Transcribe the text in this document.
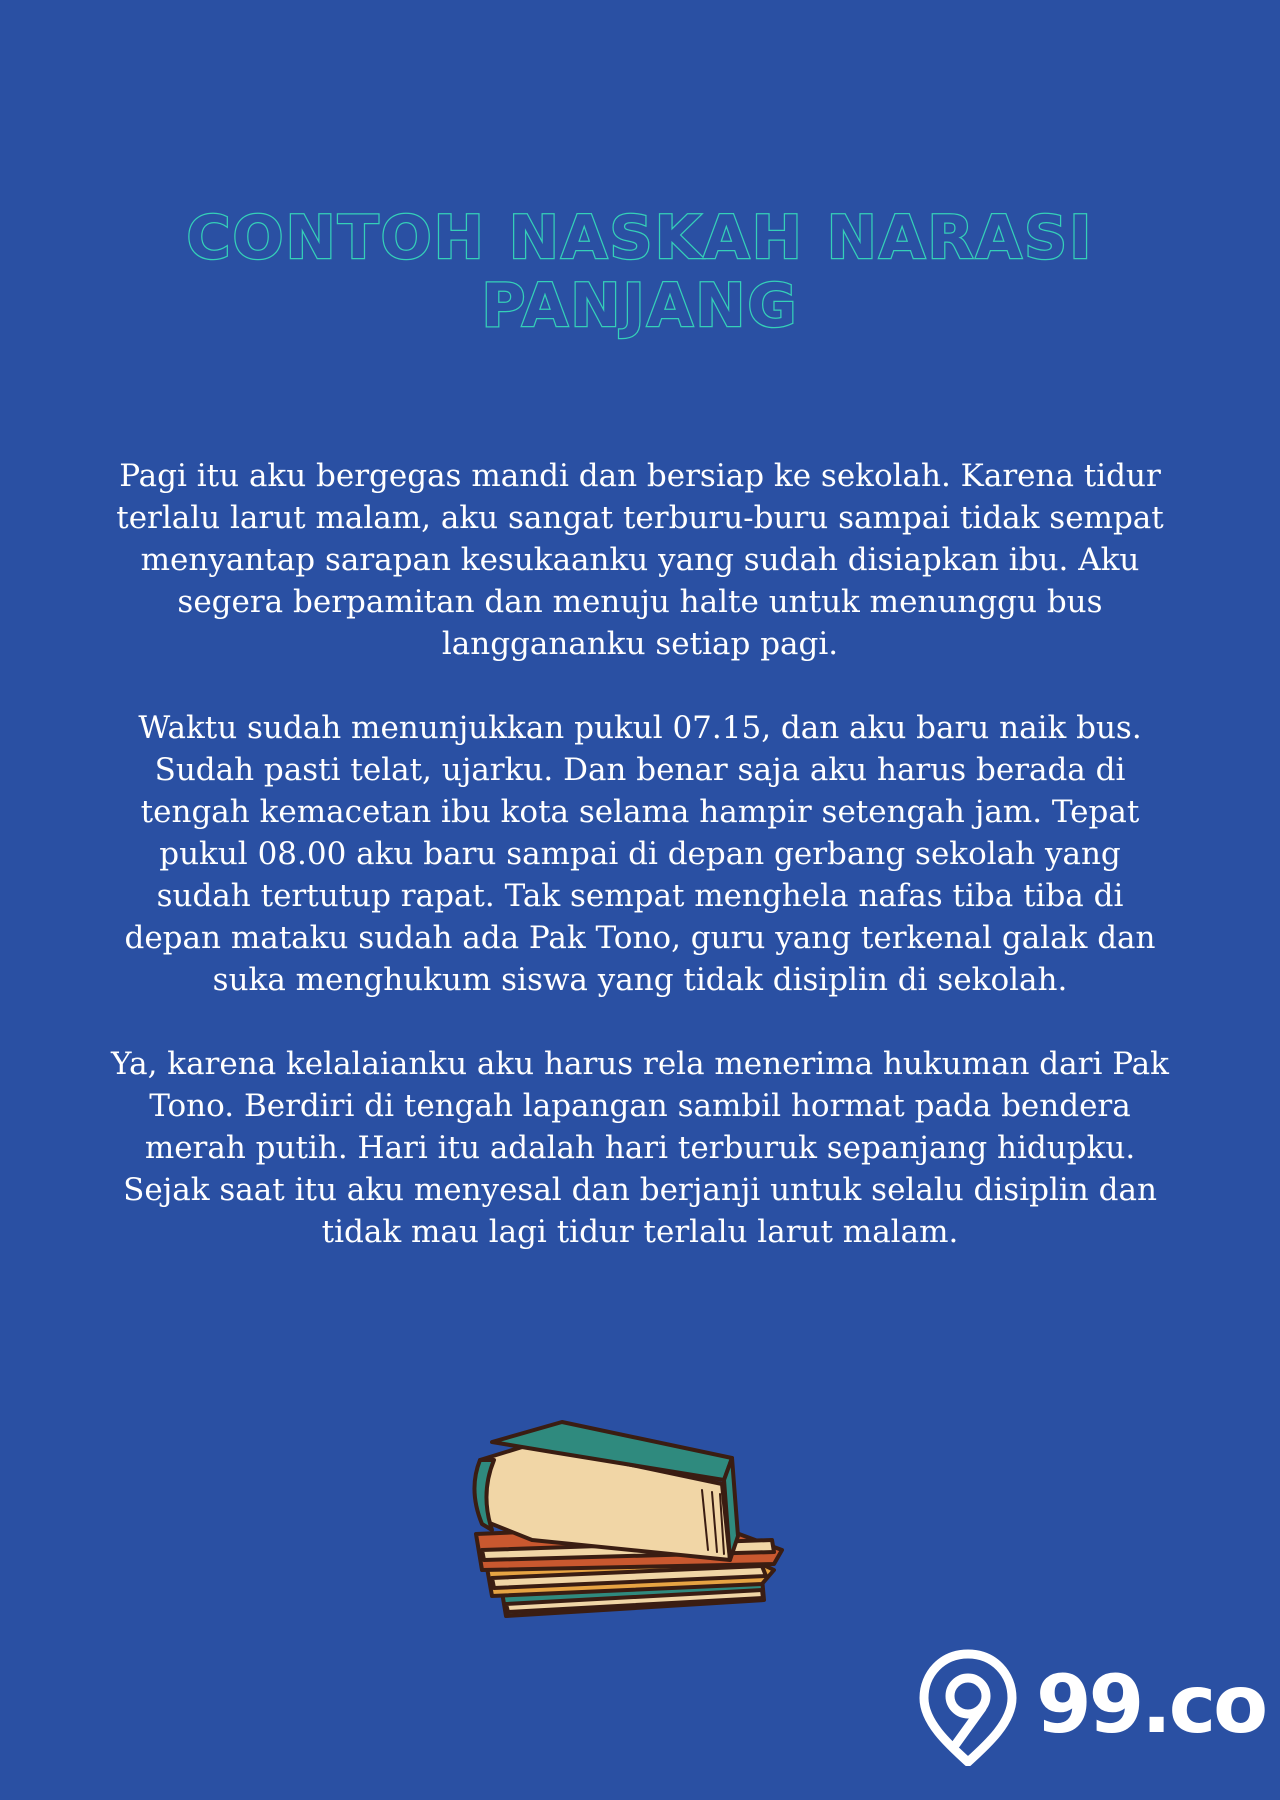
CONTOH NASKAH NARASI
PANJANG

Pagi itu aku bergegas mandi dan bersiap ke sekolah. Karena tidur terlalu larut malam, aku sangat terburu-buru sampai tidak sempat menyantap sarapan kesukaanku yang sudah disiapkan ibu. Aku segera berpamitan dan menuju halte untuk menunggu bus langgananku setiap pagi.

Waktu sudah menunjukkan pukul 07.15, dan aku baru naik bus. Sudah pasti telat, ujarku. Dan benar saja aku harus berada di tengah kemacetan ibu kota selama hampir setengah jam. Tepat pukul 08.00 aku baru sampai di depan gerbang sekolah yang sudah tertutup rapat. Tak sempat menghela nafas tiba tiba di depan mataku sudah ada Pak Tono, guru yang terkenal galak dan suka menghukum siswa yang tidak disiplin di sekolah.

Ya, karena kelalaianku aku harus rela menerima hukuman dari Pak Tono. Berdiri di tengah lapangan sambil hormat pada bendera merah putih. Hari itu adalah hari terburuk sepanjang hidupku. Sejak saat itu aku menyesal dan berjanji untuk selalu disiplin dan tidak mau lagi tidur terlalu larut malam.

99.co
